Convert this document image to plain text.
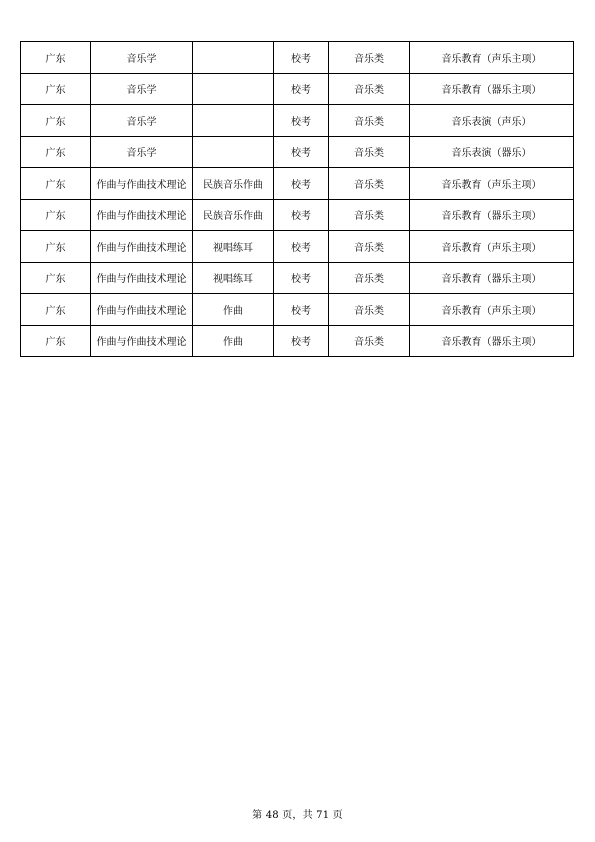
广东	音乐学		校考	音乐类	音乐教育（声乐主项）
广东	音乐学		校考	音乐类	音乐教育（器乐主项）
广东	音乐学		校考	音乐类	音乐表演（声乐）
广东	音乐学		校考	音乐类	音乐表演（器乐）
广东	作曲与作曲技术理论	民族音乐作曲	校考	音乐类	音乐教育（声乐主项）
广东	作曲与作曲技术理论	民族音乐作曲	校考	音乐类	音乐教育（器乐主项）
广东	作曲与作曲技术理论	视唱练耳	校考	音乐类	音乐教育（声乐主项）
广东	作曲与作曲技术理论	视唱练耳	校考	音乐类	音乐教育（器乐主项）
广东	作曲与作曲技术理论	作曲	校考	音乐类	音乐教育（声乐主项）
广东	作曲与作曲技术理论	作曲	校考	音乐类	音乐教育（器乐主项）
第 48 页，共 71 页
